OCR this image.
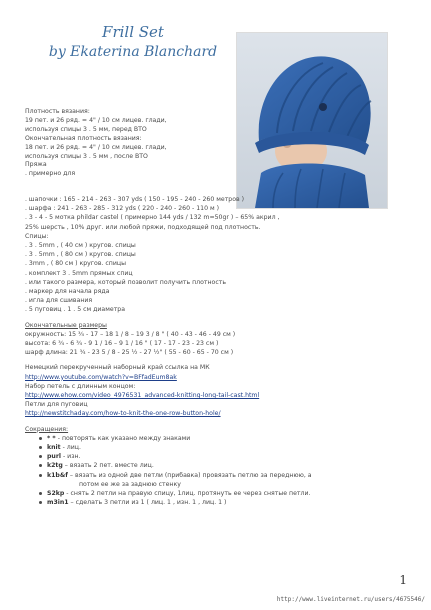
Frill Set
by Ekaterina Blanchard
Плотность вязания:
19 пет. и 26 ряд. = 4" / 10 см лицев. глади,
используя спицы 3 . 5 мм, перед ВТО
Окончательная плотность вязания:
18 пет. и 26 ряд. = 4" / 10 см лицев. глади,
используя спицы 3 . 5 мм , после ВТО
Пряжа
. примерно для
. шапочки : 165 - 214 - 263 - 307 yds ( 150 - 195 - 240 - 260 метров )
. шарфа : 241 - 263 - 285 - 312 yds ( 220 - 240 - 260 - 110 м )
. 3 - 4 - 5 мотка phildar castel ( примерно 144 yds / 132 m=50gr ) – 65% акрил ,
25% шерсть , 10% друг. или любой пряжи, подходящей под плотность.
Спицы:
. 3 . 5mm , ( 40 см ) кругов. спицы
. 3 . 5mm , ( 80 см ) кругов. спицы
. 3mm , ( 80 см ) кругов. спицы
. комплект 3 . 5mm прямых спиц
. или такого размера, который позволит получить плотность
. маркер для начала ряда
. игла для сшивания
. 5 пуговиц . 1 . 5 см диаметра
Окончательные размеры
окружность: 15 ¾ - 17 – 18 1 / 8 – 19 3 / 8 " ( 40 - 43 - 46 - 49 см )
высота: 6 ¾ - 6 ¾ - 9 1 / 16 – 9 1 / 16 " ( 17 - 17 - 23 - 23 см )
шарф длина: 21 ¾ - 23 5 / 8 - 25 ½ - 27 ½" ( 55 - 60 - 65 - 70 см )
Немецкий перекрученный наборный край ссылка на МК
http://www.youtube.com/watch?v=BFfadEum8ak
Набор петель с длинным концом:
http://www.ehow.com/video_4976531_advanced-knitting-long-tail-cast.html
Петли для пуговиц
http://newstitchaday.com/how-to-knit-the-one-row-button-hole/
Сокращения:
* * - повторять как указано между знаками
knit - лиц.
purl - изн.
k2tg – вязать 2 пет. вместе лиц.
k1b&f – вязать из одной две петли (прибавка) провязать петлю за переднюю, а
потом ее же за заднюю стенку
S2kp - снять 2 петли на правую спицу, 1лиц. протянуть ее через снятые петли.
m3in1 – сделать 3 петли из 1 ( лиц. 1 , изн. 1 , лиц. 1 )
1
http://www.liveinternet.ru/users/4675546/
